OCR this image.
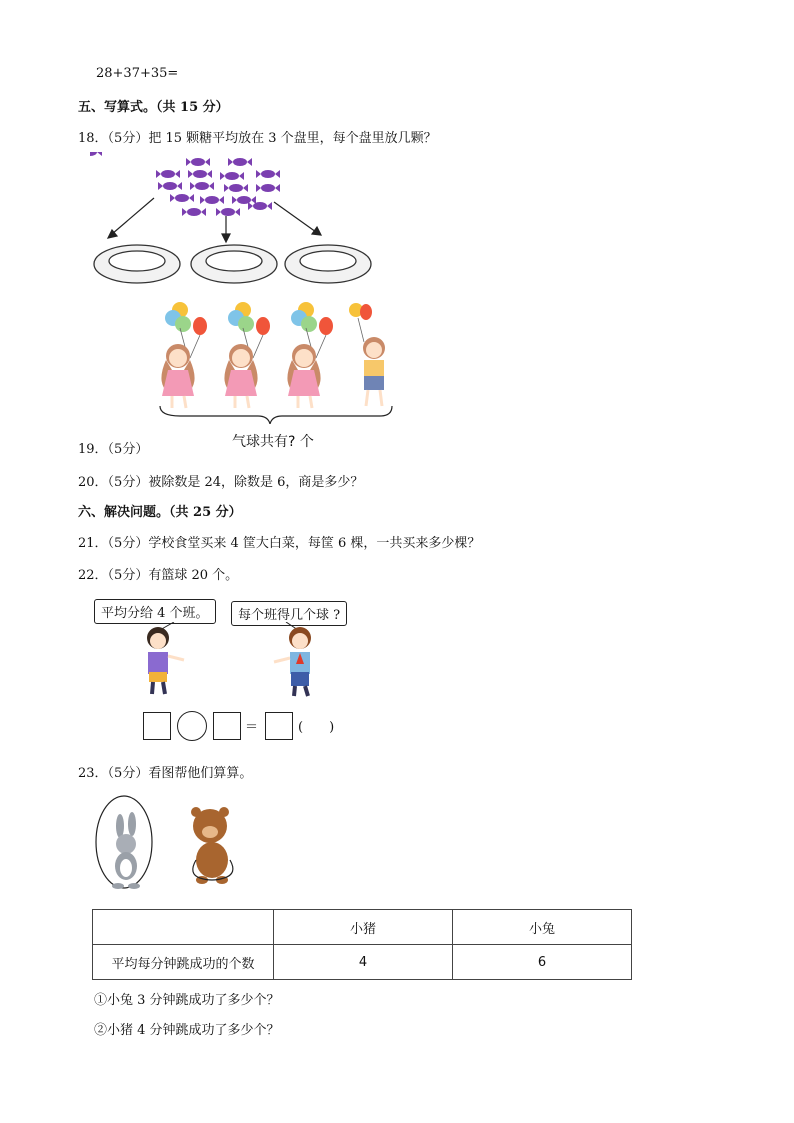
28+37+35=
五、写算式。（共 15 分）
18．（5分）把 15 颗糖平均放在 3 个盘里，每个盘里放几颗？
气球共有? 个
19．（5分）
20．（5分）被除数是 24，除数是 6，商是多少？
六、解决问题。（共 25 分）
21．（5分）学校食堂买来 4 筐大白菜，每筐 6 棵，一共买来多少棵？
22．（5分）有篮球 20 个。
平均分给 4 个班。	每个班得几个球 ?
＝	(　　)
23．（5分）看图帮他们算算。
	小猪	小兔
平均每分钟跳成功的个数	4	6
①小兔 3 分钟跳成功了多少个？
②小猪 4 分钟跳成功了多少个？
